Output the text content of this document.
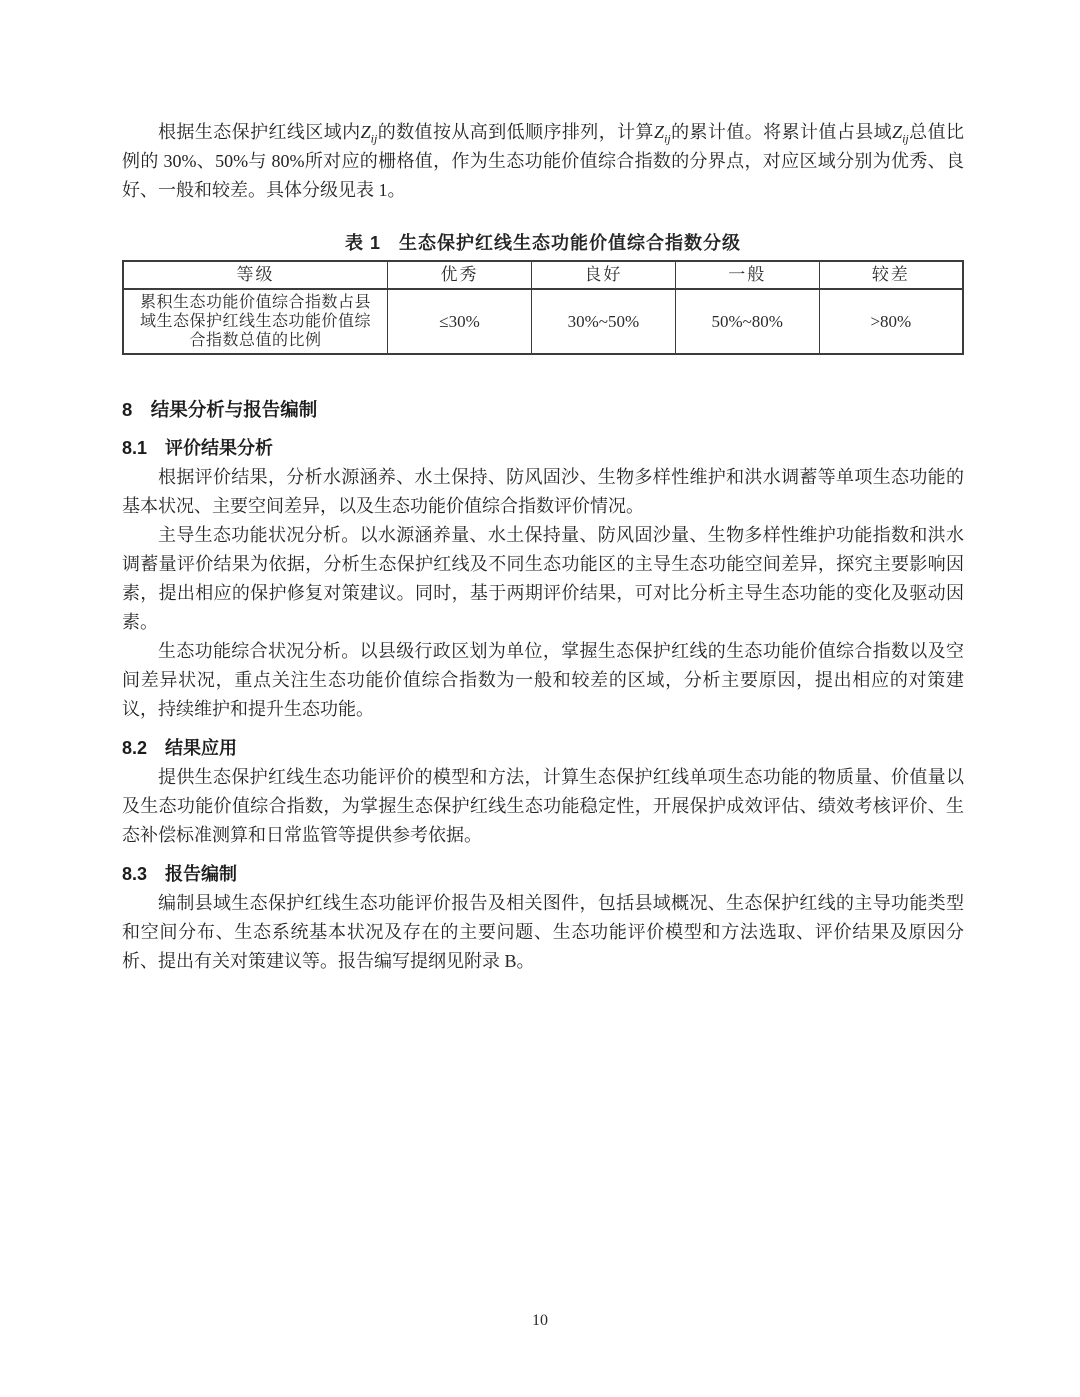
根据生态保护红线区域内$Z_{ij}$的数值按从高到低顺序排列，计算$Z_{ij}$的累计值。将累计值占县域$Z_{ij}$总值比例的 30%、50%与 80%所对应的栅格值，作为生态功能价值综合指数的分界点，对应区域分别为优秀、良好、一般和较差。具体分级见表 1。

表 1 生态保护红线生态功能价值综合指数分级
等级	优秀	良好	一般	较差
累积生态功能价值综合指数占县域生态保护红线生态功能价值综合指数总值的比例	≤30%	30%~50%	50%~80%	>80%
8 结果分析与报告编制
8.1 评价结果分析

根据评价结果，分析水源涵养、水土保持、防风固沙、生物多样性维护和洪水调蓄等单项生态功能的基本状况、主要空间差异，以及生态功能价值综合指数评价情况。

主导生态功能状况分析。以水源涵养量、水土保持量、防风固沙量、生物多样性维护功能指数和洪水调蓄量评价结果为依据，分析生态保护红线及不同生态功能区的主导生态功能空间差异，探究主要影响因素，提出相应的保护修复对策建议。同时，基于两期评价结果，可对比分析主导生态功能的变化及驱动因素。

生态功能综合状况分析。以县级行政区划为单位，掌握生态保护红线的生态功能价值综合指数以及空间差异状况，重点关注生态功能价值综合指数为一般和较差的区域，分析主要原因，提出相应的对策建议，持续维护和提升生态功能。

8.2 结果应用

提供生态保护红线生态功能评价的模型和方法，计算生态保护红线单项生态功能的物质量、价值量以及生态功能价值综合指数，为掌握生态保护红线生态功能稳定性，开展保护成效评估、绩效考核评价、生态补偿标准测算和日常监管等提供参考依据。

8.3 报告编制

编制县域生态保护红线生态功能评价报告及相关图件，包括县域概况、生态保护红线的主导功能类型和空间分布、生态系统基本状况及存在的主要问题、生态功能评价模型和方法选取、评价结果及原因分析、提出有关对策建议等。报告编写提纲见附录 B。

10
